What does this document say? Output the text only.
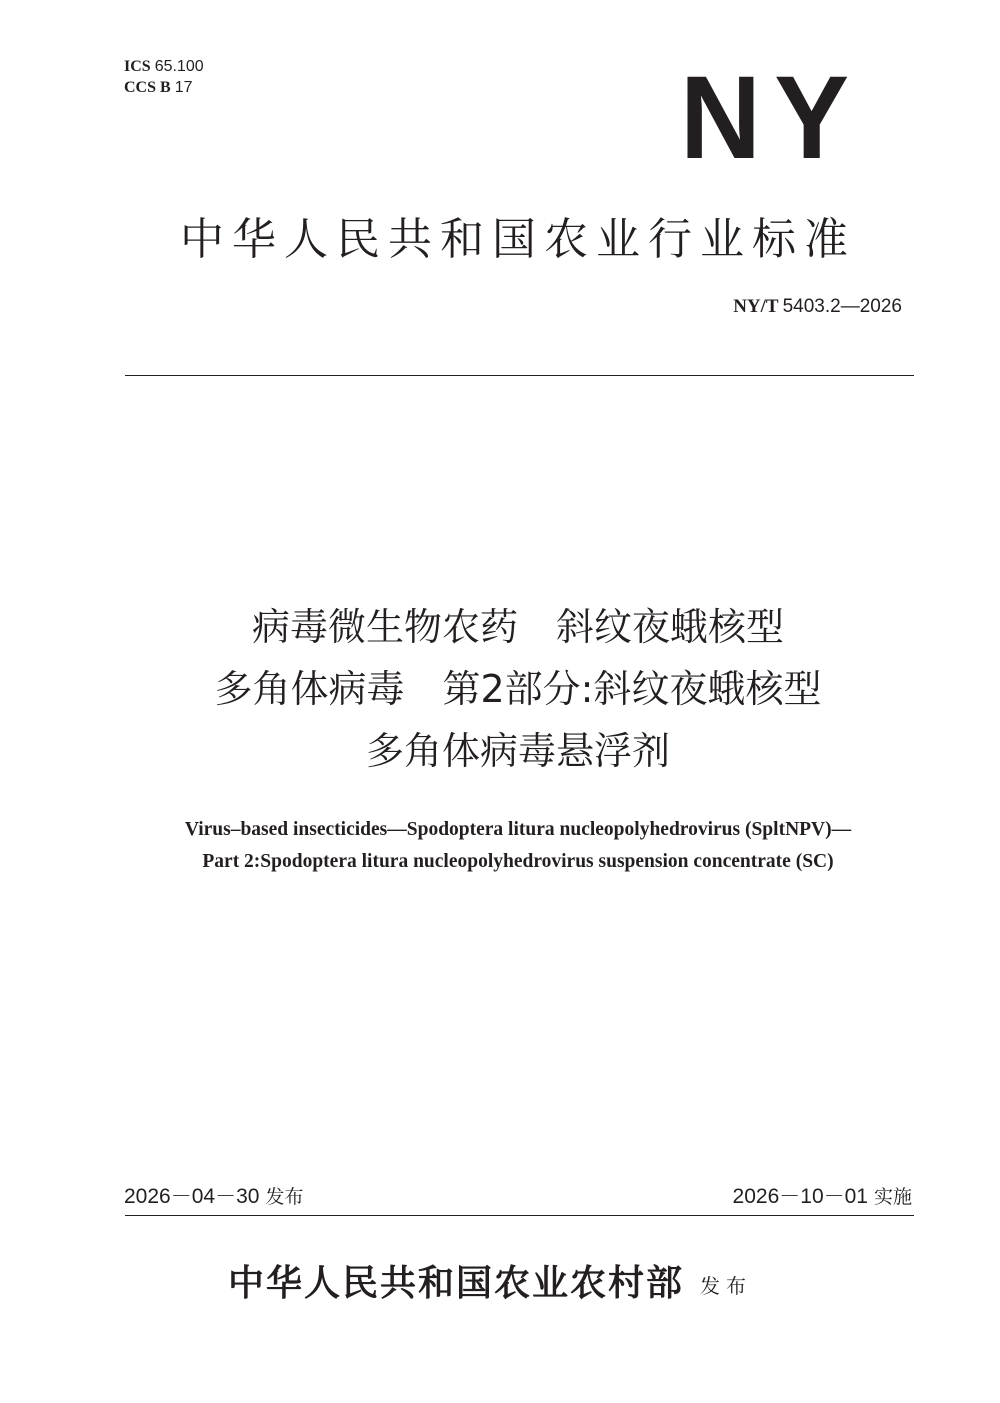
ICS 65.100
CCS B 17	NY
中华人民共和国农业行业标准
NY/T 5403.2—2026
病毒微生物农药　斜纹夜蛾核型
多角体病毒　第2部分:斜纹夜蛾核型
多角体病毒悬浮剂
Virus–based insecticides—Spodoptera litura nucleopolyhedrovirus (SpltNPV)—
Part 2:Spodoptera litura nucleopolyhedrovirus suspension concentrate (SC)
2026－04－30 发布	2026－10－01 实施
中华人民共和国农业农村部 发布
